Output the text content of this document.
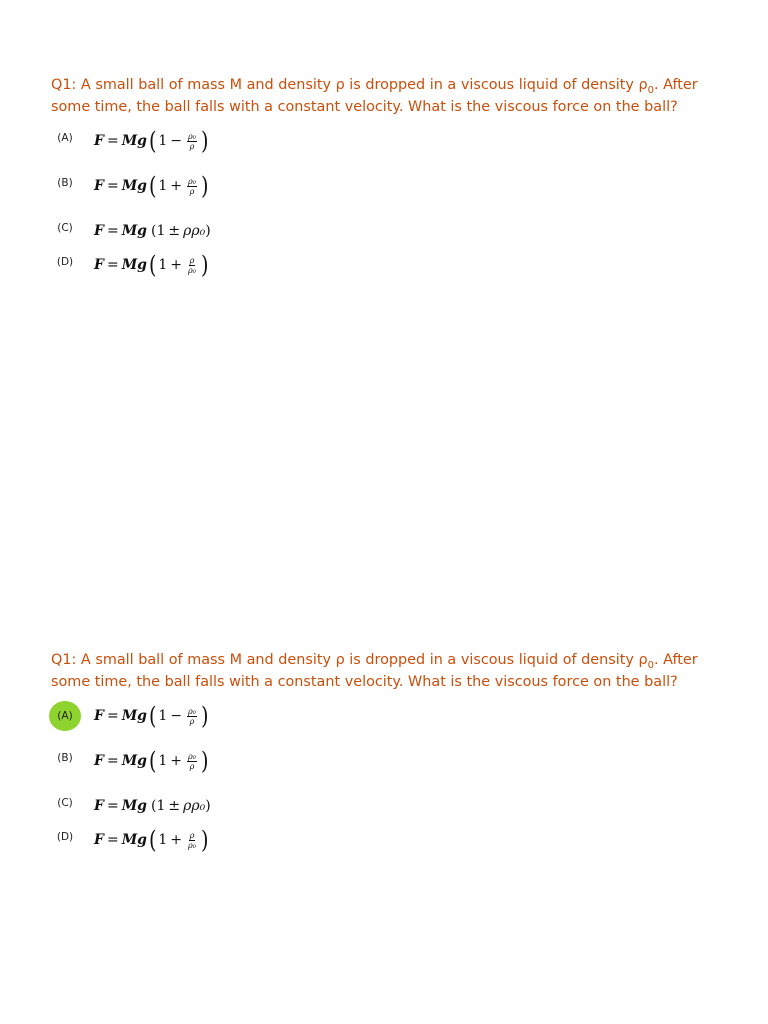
Q1: A small ball of mass M and density ρ is dropped in a viscous liquid of density $\rho_0$. After some time, the ball falls with a constant velocity. What is the viscous force on the ball?

(A)	F = Mg ( $1 - \frac{\text{ρ₀}}{\rho}$ )
(B)	F = Mg ( $1 + \frac{\text{ρ₀}}{\rho}$ )
(C)	F = Mg ( 1 ± ρρ₀ )
(D)	F = Mg ( $1 + \frac{\rho}{\text{ρ₀}}$ )

Q1: A small ball of mass M and density ρ is dropped in a viscous liquid of density $\rho_0$. After some time, the ball falls with a constant velocity. What is the viscous force on the ball?

(A)	F = Mg ( $1 - \frac{\text{ρ₀}}{\rho}$ )
(B)	F = Mg ( $1 + \frac{\text{ρ₀}}{\rho}$ )
(C)	F = Mg ( 1 ± ρρ₀ )
(D)	F = Mg ( $1 + \frac{\rho}{\text{ρ₀}}$ )
